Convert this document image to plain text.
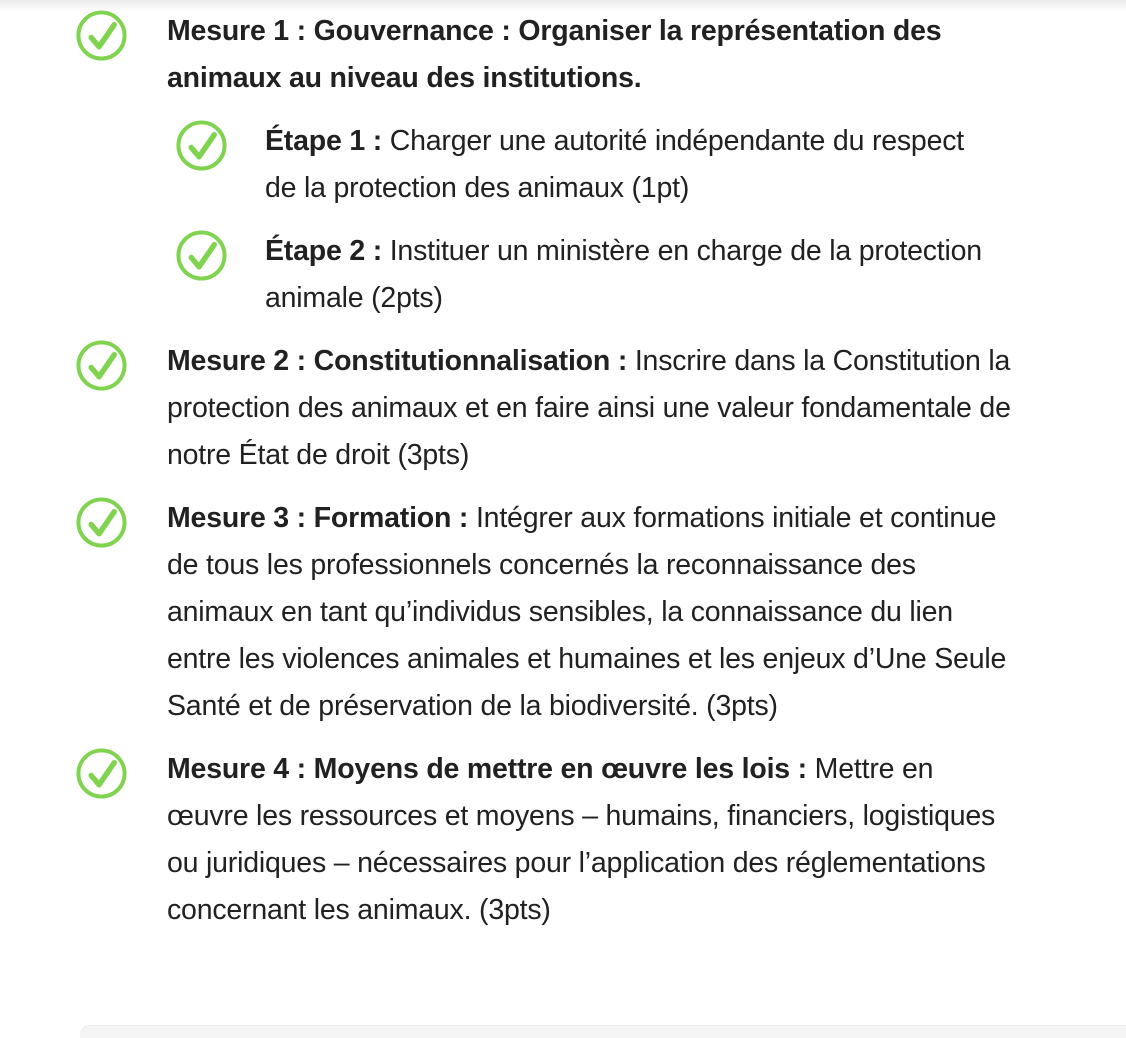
Mesure 1 : Gouvernance : Organiser la représentation des animaux au niveau des institutions.

Étape 1 : Charger une autorité indépendante du respect de la protection des animaux (1pt)

Étape 2 : Instituer un ministère en charge de la protection animale (2pts)

Mesure 2 : Constitutionnalisation : Inscrire dans la Constitution la protection des animaux et en faire ainsi une valeur fondamentale de notre État de droit (3pts)

Mesure 3 : Formation : Intégrer aux formations initiale et continue de tous les professionnels concernés la reconnaissance des animaux en tant qu’individus sensibles, la connaissance du lien entre les violences animales et humaines et les enjeux d’Une Seule Santé et de préservation de la biodiversité. (3pts)

Mesure 4 : Moyens de mettre en œuvre les lois : Mettre en œuvre les ressources et moyens – humains, financiers, logistiques ou juridiques – nécessaires pour l’application des réglementations concernant les animaux. (3pts)
